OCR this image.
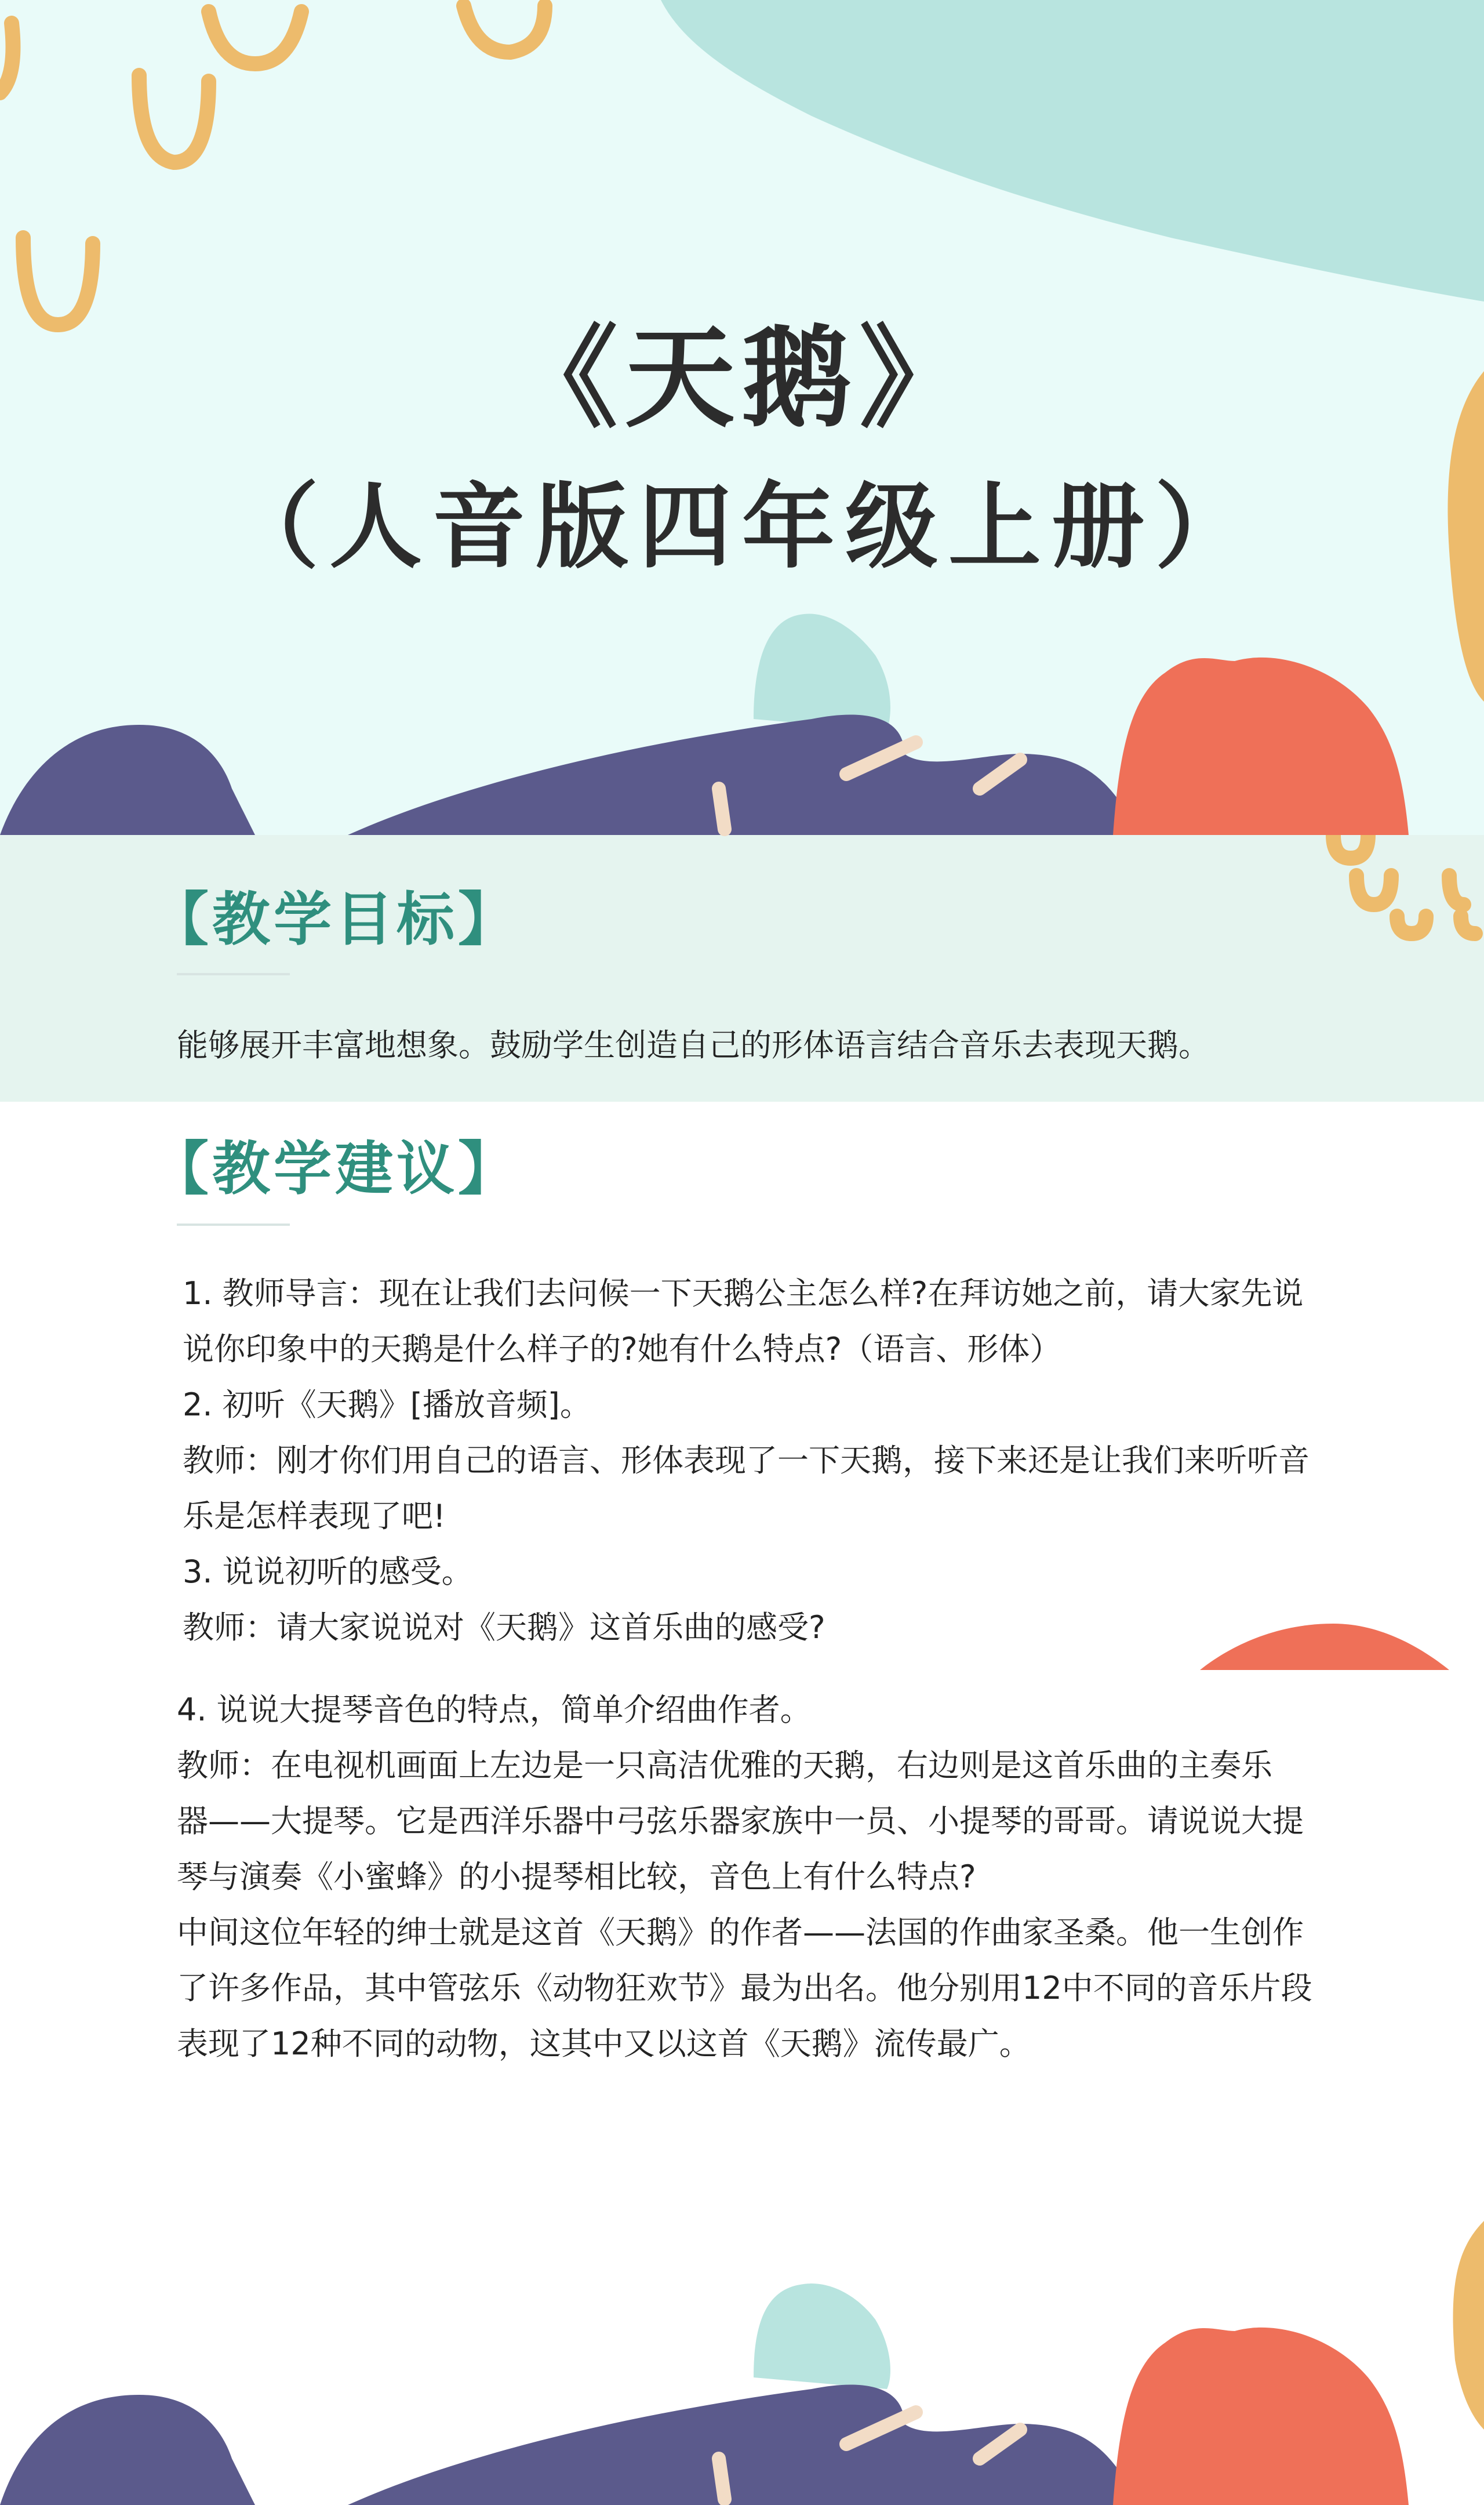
《天鹅》
（人音版四年级上册）
【教学目标】

能够展开丰富地想象。鼓励学生创造自己的形体语言结合音乐去表现天鹅。

【教学建议】

1. 教师导言：现在让我们去问候一下天鹅公主怎么样?在拜访她之前，请大家先说

说你印象中的天鹅是什么样子的?她有什么特点?（语言、形体）

2. 初听《天鹅》[播放音频]。

教师：刚才你们用自己的语言、形体表现了一下天鹅，接下来还是让我们来听听音

乐是怎样表现了吧!

3. 说说初听的感受。

教师：请大家说说对《天鹅》这首乐曲的感受?

4. 说说大提琴音色的特点，简单介绍曲作者。

教师：在电视机画面上左边是一只高洁优雅的天鹅，右边则是这首乐曲的主奏乐

器——大提琴。它是西洋乐器中弓弦乐器家族中一员、小提琴的哥哥。请说说大提

琴与演奏《小蜜蜂》的小提琴相比较，音色上有什么特点?

中间这位年轻的绅士就是这首《天鹅》的作者——法国的作曲家圣桑。他一生创作

了许多作品，其中管弦乐《动物狂欢节》最为出名。他分别用12中不同的音乐片段

表现了12种不同的动物，这其中又以这首《天鹅》流传最广。
